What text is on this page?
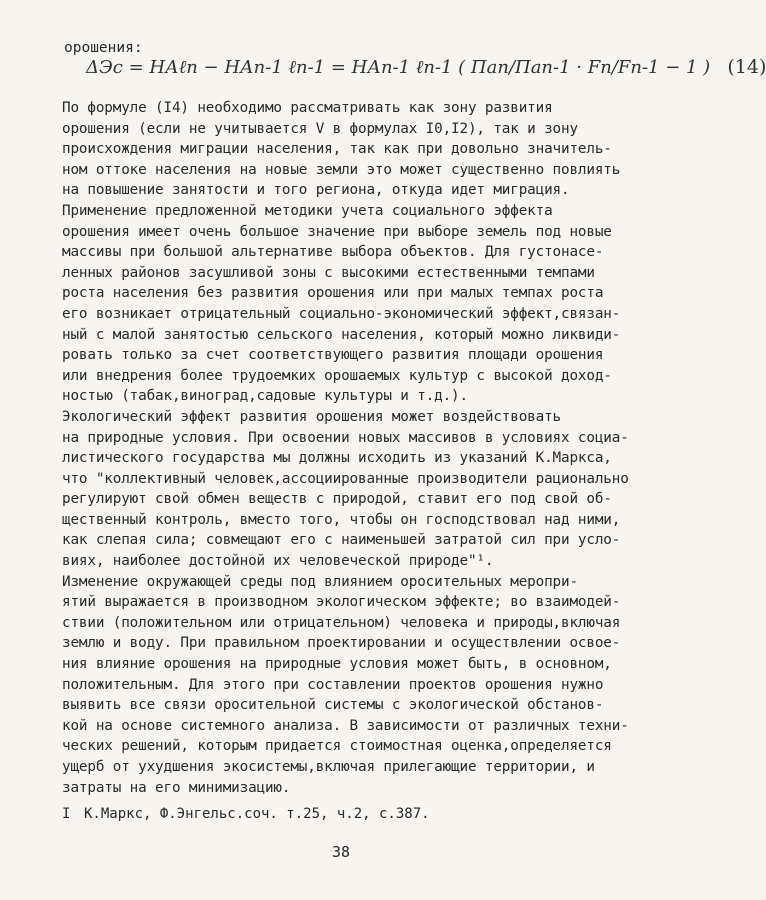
орошения:
ΔЭс = НАℓп − НАп-1 ℓп-1 = НАп-1 ℓп-1 ( Пап/Пап-1 · Fп/Fп-1 − 1 ) (14)

По формуле (I4) необходимо рассматривать как зону развития
орошения (если не учитывается V в формулах I0,I2), так и зону
происхождения миграции населения, так как при довольно значитель-
ном оттоке населения на новые земли это может существенно повлиять
на повышение занятости и того региона, откуда идет миграция.

Применение предложенной методики учета социального эффекта
орошения имеет очень большое значение при выборе земель под новые
массивы при большой альтернативе выбора объектов. Для густонасе-
ленных районов засушливой зоны с высокими естественными темпами
роста населения без развития орошения или при малых темпах роста
его возникает отрицательный социально-экономический эффект,связан-
ный с малой занятостью сельского населения, который можно ликвиди-
ровать только за счет соответствующего развития площади орошения
или внедрения более трудоемких орошаемых культур с высокой доход-
ностью (табак,виноград,садовые культуры и т.д.).

Экологический эффект развития орошения может воздействовать
на природные условия. При освоении новых массивов в условиях социа-
листического государства мы должны исходить из указаний К.Маркса,
что "коллективный человек,ассоциированные производители рационально
регулируют свой обмен веществ с природой, ставит его под свой об-
щественный контроль, вместо того, чтобы он господствовал над ними,
как слепая сила; совмещают его с наименьшей затратой сил при усло-
виях, наиболее достойной их человеческой природе"¹.

Изменение окружающей среды под влиянием оросительных меропри-
ятий выражается в производном экологическом эффекте; во взаимодей-
ствии (положительном или отрицательном) человека и природы,включая
землю и воду. При правильном проектировании и осуществлении освое-
ния влияние орошения на природные условия может быть, в основном,
положительным. Для этого при составлении проектов орошения нужно
выявить все связи оросительной системы с экологической обстанов-
кой на основе системного анализа. В зависимости от различных техни-
ческих решений, которым придается стоимостная оценка,определяется
ущерб от ухудшения экосистемы,включая прилегающие территории, и
затраты на его минимизацию.

I К.Маркс, Ф.Энгельс.соч. т.25, ч.2, с.387.
38
